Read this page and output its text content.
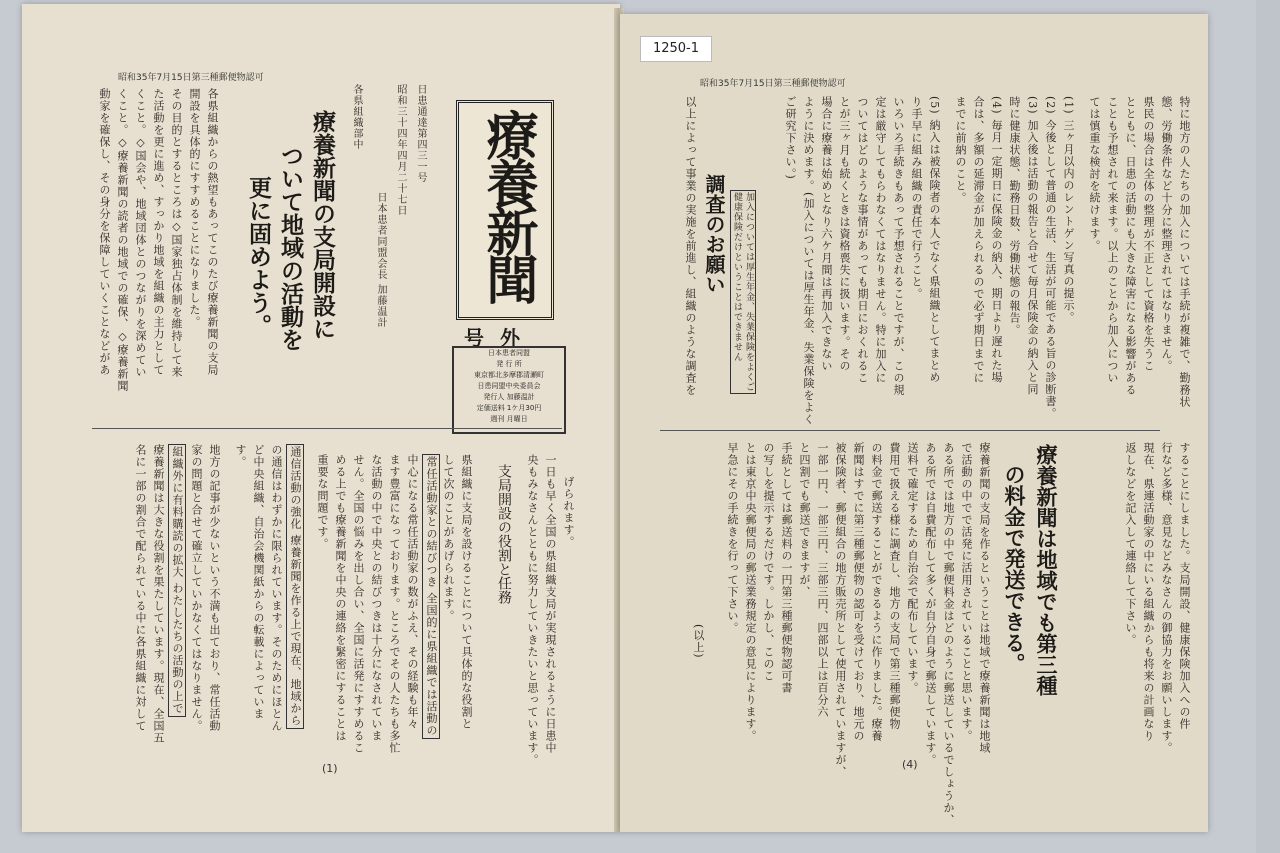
昭和35年7月15日第三種郵便物認可
療養新聞
号外
日本患者同盟
発 行 所
東京都北多摩郡清瀬町
日患同盟中央委員会
発行人 加藤温計
定価送料 1ケ月30円
週刊 月曜日
日患通達第四三一号
昭和三十四年四月二十七日
日本患者同盟会長 加藤温計
各県組織部中
療養新聞の支局開設に
ついて地域の活動を
更に固めよう。
各県組織からの熱望もあってこのたび療養新聞の支局
開設を具体的にすすめることになりました。
その目的とするところは◇国家独占体制を維持して来
た活動を更に進め、すっかり地域を組織の主力として
くこと。◇国会や、地域団体とのつながりを深めてい
くこと。◇療養新聞の読者の地域での確保、◇療養新聞
動家を確保し、その身分を保障していくことなどがあ
げられます。
一日も早く全国の県組織支局が実現されるように日患中
央もみなさんとともに努力していきたいと思っています。
支局開設の役割と任務
県組織に支局を設けることについて具体的な役割と
して次のことがあげられます。
常任活動家との結びつき 全国的に県組織では活動の
中心になる常任活動家の数がふえ、その経験も年々
ます豊富になっております。ところでその人たちも多忙
な活動の中で中央との結びつきは十分になされていま
せん。全国の悩みを出し合い、全国に活発にすすめるこ
める上でも療養新聞を中央の連絡を緊密にすることは
重要な問題です。
通信活動の強化 療養新聞を作る上で現在、地域から
の通信はわずかに限られています。そのためにほとん
ど中央組織、自治会機関紙からの転載によっていま
す。
地方の記事が少ないという不満も出ており、常任活動
家の問題と合せて確立していかなくてはなりません。
組織外に有料購読の拡大 わたしたちの活動の上で
療養新聞は大きな役割を果たしています。現在、全国五
名に一部の割合で配られている中に各県組織に対して
(1)
昭和35年7月15日第三種郵便物認可
特に地方の人たちの加入については手続が複雑で、勤務状
態、労働条件など十分に整理されてはなりません。
県民の場合は全体の整理が不正として資格を失うこ
とともに、日患の活動にも大きな障害になる影響がある
ことも予想されて来ます。以上のことから加入につい
ては慎重な検討を続けます。
(1) 三ヶ月以内のレントゲン写真の提示。
(2) 今後として普通の生活、生活が可能である旨の診断書。
(3) 加入後は活動の報告と合せて毎月保険金の納入と同
時に健康状態、勤務日数、労働状態の報告。
(4) 毎月一定期日に保険金の納入、期日より遅れた場
合は、多額の延滞金が加えられるので必ず期日までに
までに前納のこと。
(5) 納入は被保険者の本人でなく県組織としてまとめ
り手早に組み組織の責任で行うこと。
いろいろ手続きもあって予想されることですが、この規
定は厳守してもらわなくてはなりません。特に加入に
ついてはどのような事情があっても期日におくれるこ
とが三ヶ月も続くときは資格喪失に扱います。その
場合に療養は始めとなり六ケ月間は再加入できない
ように決めます。(加入については厚生年金、失業保険をよく
ご研究下さい。)
以上によって事業の実施を前進し、組織のような調査を	加入については厚生年金、失業保険をよくご健康保険だけということはできません
調査のお願い
療養新聞は地域でも第三種
の料金で発送できる。	することにしました。支局開設、健康保険加入への件
行など多様、意見などみなさんの御協力をお願いします。
現在、県連活動家の中にいる組織からも将来の計画なり
返しなどを記入して連絡して下さい。
療養新聞の支局を作るということは地域で療養新聞は地域
で活動の中でで活発に活用されていることと思います。
ある所では地方の中で郵便料金はどのように郵送しているでしょうか、
ある所では自費配布して多くが自分自身で郵送しています。
送料で確定するため自治会で配布しています。
費用で扱える様に調査し、地方の支局で第三種郵便物
の料金で郵送することができるように作りました。療養
新聞はすでに第三種郵便物の認可を受けており、地元の
被保険者、郵便組合の地方販売所として使用されていますが、
一部一円、一部三円、三部三円、四部以上は百分六
と四割でも郵送できますが、
手続としては郵送料の一円第三種郵便物認可書
の写しを提示するだけです。しかし、このこ
とは東京中央郵便局の郵送業務規定の意見によります。
早急にその手続きを行って下さい。
(以上)
(4)
1250-1
